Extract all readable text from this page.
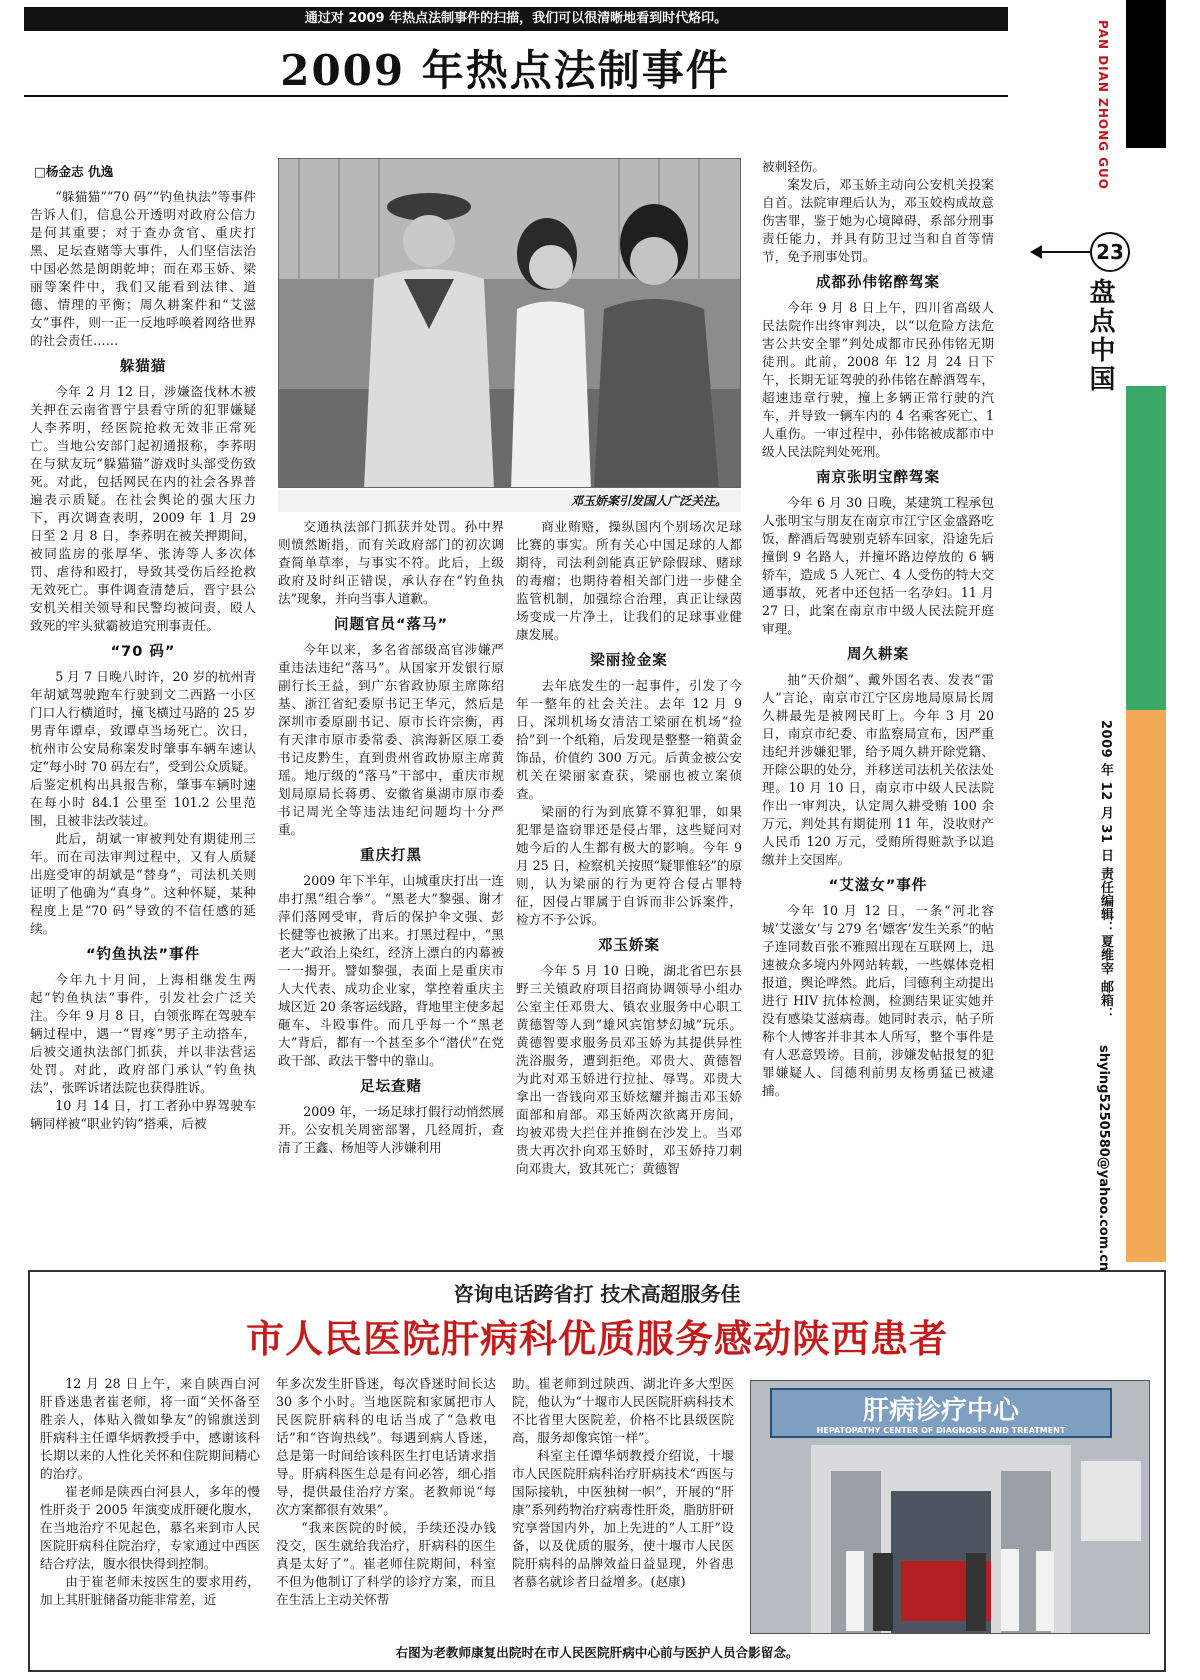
通过对 2009 年热点法制事件的扫描，我们可以很清晰地看到时代烙印。
2009 年热点法制事件
□杨金志 仇逸	PAN DIAN ZHONG GUO
23
盘点中国
2009 年 12 月 31 日 责任编辑：夏维宰 邮箱：
shying5250580@yahoo.com.cn

“躲猫猫”“70 码”“钓鱼执法”等事件告诉人们，信息公开透明对政府公信力是何其重要；对于查办贪官、重庆打黑、足坛查赌等大事件，人们坚信法治中国必然是朗朗乾坤；而在邓玉娇、梁丽等案件中，我们又能看到法律、道德、情理的平衡；周久耕案件和“艾滋女”事件，则一正一反地呼唤着网络世界的社会责任……

躲猫猫

今年 2 月 12 日，涉嫌盗伐林木被关押在云南省晋宁县看守所的犯罪嫌疑人李荞明，经医院抢救无效非正常死亡。当地公安部门起初通报称，李荞明在与狱友玩“躲猫猫”游戏时头部受伤致死。对此，包括网民在内的社会各界普遍表示质疑。在社会舆论的强大压力下，再次调查表明，2009 年 1 月 29 日至 2 月 8 日，李荞明在被关押期间，被同监房的张厚华、张涛等人多次体罚、虐待和殴打，导致其受伤后经抢救无效死亡。事件调查清楚后，晋宁县公安机关相关领导和民警均被问责，殴人致死的牢头狱霸被追究刑事责任。

“70 码”

5 月 7 日晚八时许，20 岁的杭州青年胡斌驾驶跑车行驶到文二西路一小区门口人行横道时，撞飞横过马路的 25 岁男青年谭卓，致谭卓当场死亡。次日，杭州市公安局称案发时肇事车辆车速认定“每小时 70 码左右”，受到公众质疑。后鉴定机构出具报告称，肇事车辆时速在每小时 84.1 公里至 101.2 公里范围，且被非法改装过。

此后，胡斌一审被判处有期徒刑三年。而在司法审判过程中，又有人质疑出庭受审的胡斌是“替身”，司法机关则证明了他确为“真身”。这种怀疑，某种程度上是“70 码”导致的不信任感的延续。

“钓鱼执法”事件

今年九十月间，上海相继发生两起“钓鱼执法”事件，引发社会广泛关注。今年 9 月 8 日，白领张晖在驾驶车辆过程中，遇一“胃疼”男子主动搭车，后被交通执法部门抓获，并以非法营运处罚。对此，政府部门承认“钓鱼执法”，张晖诉诸法院也获得胜诉。

10 月 14 日，打工者孙中界驾驶车辆同样被“职业钓钩”搭乘，后被

邓玉娇案引发国人广泛关注。

交通执法部门抓获并处罚。孙中界则愤然断指，而有关政府部门的初次调查简单草率，与事实不符。此后，上级政府及时纠正错误，承认存在“钓鱼执法”现象，并向当事人道歉。

问题官员“落马”

今年以来，多名省部级高官涉嫌严重违法违纪“落马”。从国家开发银行原副行长王益，到广东省政协原主席陈绍基、浙江省纪委原书记王华元，然后是深圳市委原副书记、原市长许宗衡，再有天津市原市委常委、滨海新区原工委书记皮黔生，直到贵州省政协原主席黄瑶。地厅级的“落马”干部中，重庆市规划局原局长蒋勇、安徽省巢湖市原市委书记周光全等违法违纪问题均十分严重。

重庆打黑

2009 年下半年，山城重庆打出一连串打黑“组合拳”。“黑老大”黎强、谢才萍们落网受审，背后的保护伞文强、彭长健等也被揪了出来。打黑过程中，“黑老大”政治上染红，经济上漂白的内幕被一一揭开。譬如黎强，表面上是重庆市人大代表、成功企业家，掌控着重庆主城区近 20 条客运线路，背地里主使多起砸车、斗殴事件。而几乎每一个“黑老大”背后，都有一个甚至多个“潜伏”在党政干部、政法干警中的靠山。

足坛查赌

2009 年，一场足球打假行动悄然展开。公安机关周密部署，几经周折，查清了王鑫、杨旭等人涉嫌利用

商业贿赂，操纵国内个别场次足球比赛的事实。所有关心中国足球的人都期待，司法利剑能真正铲除假球、赌球的毒瘤；也期待着相关部门进一步健全监管机制，加强综合治理，真正让绿茵场变成一片净土，让我们的足球事业健康发展。

梁丽捡金案

去年底发生的一起事件，引发了今年一整年的社会关注。去年 12 月 9 日，深圳机场女清洁工梁丽在机场“捡拾”到一个纸箱，后发现是整整一箱黄金饰品，价值约 300 万元。后黄金被公安机关在梁丽家查获，梁丽也被立案侦查。

梁丽的行为到底算不算犯罪，如果犯罪是盗窃罪还是侵占罪，这些疑问对她今后的人生都有极大的影响。今年 9 月 25 日，检察机关按照“疑罪惟轻”的原则，认为梁丽的行为更符合侵占罪特征，因侵占罪属于自诉而非公诉案件，检方不予公诉。

邓玉娇案

今年 5 月 10 日晚，湖北省巴东县野三关镇政府项目招商协调领导小组办公室主任邓贵大、镇农业服务中心职工黄德智等人到“雄风宾馆梦幻城”玩乐。黄德智要求服务员邓玉娇为其提供异性洗浴服务，遭到拒绝。邓贵大、黄德智为此对邓玉娇进行拉扯、辱骂。邓贵大拿出一沓钱向邓玉娇炫耀并搧击邓玉娇面部和肩部。邓玉娇两次欲离开房间，均被邓贵大拦住并推倒在沙发上。当邓贵大再次扑向邓玉娇时，邓玉娇持刀刺向邓贵大，致其死亡；黄德智

被刺轻伤。

案发后，邓玉娇主动向公安机关投案自首。法院审理后认为，邓玉姣构成故意伤害罪，鉴于她为心境障碍，系部分刑事责任能力，并具有防卫过当和自首等情节，免予刑事处罚。

成都孙伟铭醉驾案

今年 9 月 8 日上午，四川省高级人民法院作出终审判决，以“以危险方法危害公共安全罪”判处成都市民孙伟铭无期徒刑。此前，2008 年 12 月 24 日下午，长期无证驾驶的孙伟铭在醉酒驾车，超速违章行驶，撞上多辆正常行驶的汽车，并导致一辆车内的 4 名乘客死亡、1 人重伤。一审过程中，孙伟铭被成都市中级人民法院判处死刑。

南京张明宝醉驾案

今年 6 月 30 日晚，某建筑工程承包人张明宝与朋友在南京市江宁区金盛路吃饭，醉酒后驾驶别克轿车回家，沿途先后撞倒 9 名路人，并撞坏路边停放的 6 辆轿车，造成 5 人死亡、4 人受伤的特大交通事故，死者中还包括一名孕妇。11 月 27 日，此案在南京市中级人民法院开庭审理。

周久耕案

抽“天价烟”、戴外国名表、发表“雷人”言论，南京市江宁区房地局原局长周久耕最先是被网民盯上。今年 3 月 20 日，南京市纪委、市监察局宣布，因严重违纪并涉嫌犯罪，给予周久耕开除党籍、开除公职的处分，并移送司法机关依法处理。10 月 10 日，南京市中级人民法院作出一审判决，认定周久耕受贿 100 余万元，判处其有期徒刑 11 年，没收财产人民币 120 万元，受贿所得赃款予以追缴并上交国库。

“艾滋女”事件

今年 10 月 12 日，一条“河北容城‘艾滋女’与 279 名‘嫖客’发生关系”的帖子连同数百张不雅照出现在互联网上，迅速被众多境内外网站转载，一些媒体竞相报道，舆论哗然。此后，闫德利主动提出进行 HIV 抗体检测，检测结果证实她并没有感染艾滋病毒。她同时表示，帖子所称个人博客并非其本人所写，整个事件是有人恶意毁谤。目前，涉嫌发帖报复的犯罪嫌疑人、闫德利前男友杨勇猛已被逮捕。

咨询电话跨省打 技术高超服务佳
市人民医院肝病科优质服务感动陕西患者

12 月 28 日上午，来自陕西白河肝昏迷患者崔老师，将一面“关怀备至胜亲人，体贴入微如挚友”的锦旗送到肝病科主任谭华炳教授手中，感谢该科长期以来的人性化关怀和住院期间精心的治疗。

崔老师是陕西白河县人，多年的慢性肝炎于 2005 年演变成肝硬化腹水，在当地治疗不见起色，慕名来到市人民医院肝病科住院治疗，专家通过中西医结合疗法，腹水很快得到控制。

由于崔老师未按医生的要求用药，加上其肝脏储备功能非常差，近

年多次发生肝昏迷，每次昏迷时间长达 30 多个小时。当地医院和家属把市人民医院肝病科的电话当成了“急救电话”和“咨询热线”。每遇到病人昏迷，总是第一时间给该科医生打电话请求指导。肝病科医生总是有问必答，细心指导，提供最佳治疗方案。老教师说“每次方案都很有效果”。

“我来医院的时候，手续还没办钱没交，医生就给我治疗，肝病科的医生真是太好了”。崔老师住院期间，科室不但为他制订了科学的诊疗方案，而且在生活上主动关怀帮

助。崔老师到过陕西、湖北许多大型医院，他认为“十堰市人民医院肝病科技术不比省里大医院差，价格不比县级医院高，服务却像宾馆一样”。

科室主任谭华炳教授介绍说，十堰市人民医院肝病科治疗肝病技术“西医与国际接轨，中医独树一帜”，开展的“肝康”系列药物治疗病毒性肝炎，脂肪肝研究享誉国内外，加上先进的“人工肝”设备，以及优质的服务，使十堰市人民医院肝病科的品牌效益日益显现，外省患者慕名就诊者日益增多。(赵康)

肝病诊疗中心
HEPATOPATHY CENTER OF DIAGNOSIS AND TREATMENT
右图为老教师康复出院时在市人民医院肝病中心前与医护人员合影留念。
